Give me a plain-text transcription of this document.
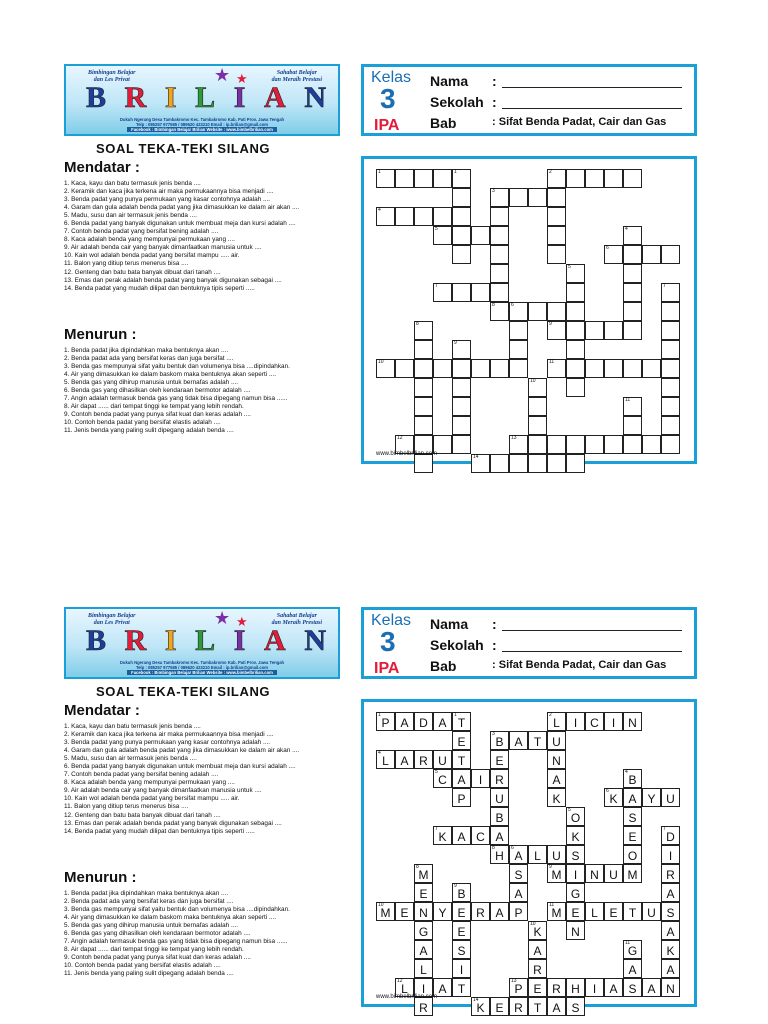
Bimbingan Belajar
dan Les Privat
Sahabat Belajar
dan Meraih Prestasi
★ ★
B R I L I A N
Dukuh Ngerang Desa Tambakromo Kec. Tambakromo Kab. Pati Prov. Jawa Tengah
Telp : 085257 977585 / 089620 423210 Email : ip.brilian@gmail.com
Facebook : Bimbingan Belajar Brilian Website : www.bimbelbrilian.com
Kelas
3
IPA
Nama :
Sekolah :
Bab	: Sifat Benda Padat, Cair dan Gas
SOAL TEKA-TEKI SILANG
Mendatar :
1. Kaca, kayu dan batu termasuk jenis benda ....
2. Keramik dan kaca jika terkena air maka permukaannya bisa menjadi ....
3. Benda padat yang punya permukaan yang kasar contohnya adalah ....
4. Garam dan gula adalah benda padat yang jika dimasukkan ke dalam air akan ....
5. Madu, susu dan air termasuk jenis benda ....
6. Benda padat yang banyak digunakan untuk membuat meja dan kursi adalah ....
7. Contoh benda padat yang bersifat bening adalah ....
8. Kaca adalah benda yang mempunyai permukaan yang ....
9. Air adalah benda cair yang banyak dimanfaatkan manusia untuk ....
10. Kain wol adalah benda padat yang bersifat mampu ..... air.
11. Balon yang ditiup terus menerus bisa ....
12. Genteng dan batu bata banyak dibuat dari tanah ....
13. Emas dan perak adalah benda padat yang banyak digunakan sebagai ....
14. Benda padat yang mudah dilipat dan bentuknya tipis seperti .....
Menurun :
1. Benda padat jika dipindahkan maka bentuknya akan ....
2. Benda padat ada yang bersifat keras dan juga bersifat ....
3. Benda gas mempunyai sifat yaitu bentuk dan volumenya bisa ....dipindahkan.
4. Air yang dimasukkan ke dalam baskom maka bentuknya akan seperti ....
5. Benda gas yang dihirup manusia untuk bernafas adalah ....
6. Benda gas yang dihasilkan oleh kendaraan bermotor adalah ....
7. Angin adalah termasuk benda gas yang tidak bisa dipegang namun bisa ......
8. Air dapat ...... dari tempat tinggi ke tempat yang lebih rendah.
9. Contoh benda padat yang punya sifat kuat dan keras adalah ....
10. Contoh benda padat yang bersifat elastis adalah ....
11. Jenis benda yang paling sulit dipegang adalah benda ....
1	1	2
3
4
5	4
6
5
7	7
8	6
8	9
9
10	11
10
11
12	13
14
www.bimbelbrilian.com
Bimbingan Belajar
dan Les Privat
Sahabat Belajar
dan Meraih Prestasi
★ ★
B R I L I A N
Dukuh Ngerang Desa Tambakromo Kec. Tambakromo Kab. Pati Prov. Jawa Tengah
Telp : 085257 977585 / 089620 423210 Email : ip.brilian@gmail.com
Facebook : Bimbingan Belajar Brilian Website : www.bimbelbrilian.com
Kelas
3
IPA
Nama :
Sekolah :
Bab	: Sifat Benda Padat, Cair dan Gas
SOAL TEKA-TEKI SILANG
Mendatar :
1. Kaca, kayu dan batu termasuk jenis benda ....
2. Keramik dan kaca jika terkena air maka permukaannya bisa menjadi ....
3. Benda padat yang punya permukaan yang kasar contohnya adalah ....
4. Garam dan gula adalah benda padat yang jika dimasukkan ke dalam air akan ....
5. Madu, susu dan air termasuk jenis benda ....
6. Benda padat yang banyak digunakan untuk membuat meja dan kursi adalah ....
7. Contoh benda padat yang bersifat bening adalah ....
8. Kaca adalah benda yang mempunyai permukaan yang ....
9. Air adalah benda cair yang banyak dimanfaatkan manusia untuk ....
10. Kain wol adalah benda padat yang bersifat mampu ..... air.
11. Balon yang ditiup terus menerus bisa ....
12. Genteng dan batu bata banyak dibuat dari tanah ....
13. Emas dan perak adalah benda padat yang banyak digunakan sebagai ....
14. Benda padat yang mudah dilipat dan bentuknya tipis seperti .....
Menurun :
1. Benda padat jika dipindahkan maka bentuknya akan ....
2. Benda padat ada yang bersifat keras dan juga bersifat ....
3. Benda gas mempunyai sifat yaitu bentuk dan volumenya bisa ....dipindahkan.
4. Air yang dimasukkan ke dalam baskom maka bentuknya akan seperti ....
5. Benda gas yang dihirup manusia untuk bernafas adalah ....
6. Benda gas yang dihasilkan oleh kendaraan bermotor adalah ....
7. Angin adalah termasuk benda gas yang tidak bisa dipegang namun bisa ......
8. Air dapat ...... dari tempat tinggi ke tempat yang lebih rendah.
9. Contoh benda padat yang punya sifat kuat dan keras adalah ....
10. Contoh benda padat yang bersifat elastis adalah ....
11. Jenis benda yang paling sulit dipegang adalah benda ....
1
P A D A
1
T
2
L	I	C	I	N
E
3
B A T U
4
L A R U T	E	N
5
C A	I	R	A
4
B
P	U	K
6
K A Y U
B
5
O	S
7
K A C A	K	E
7
D
8
H
6
A L U S	O	I
8
M	S
9
M	I	N U M	R
E
9
B	A	G	A
10
M E N Y E R A P
11
M E L E T U S
G	E
10
K	N	A
A	S	A
11
G	K
L	I	R	A	A
12
L	I	A T
13
P E R H	I	A S A N
R
14
K E R T A S
www.bimbelbrilian.com
